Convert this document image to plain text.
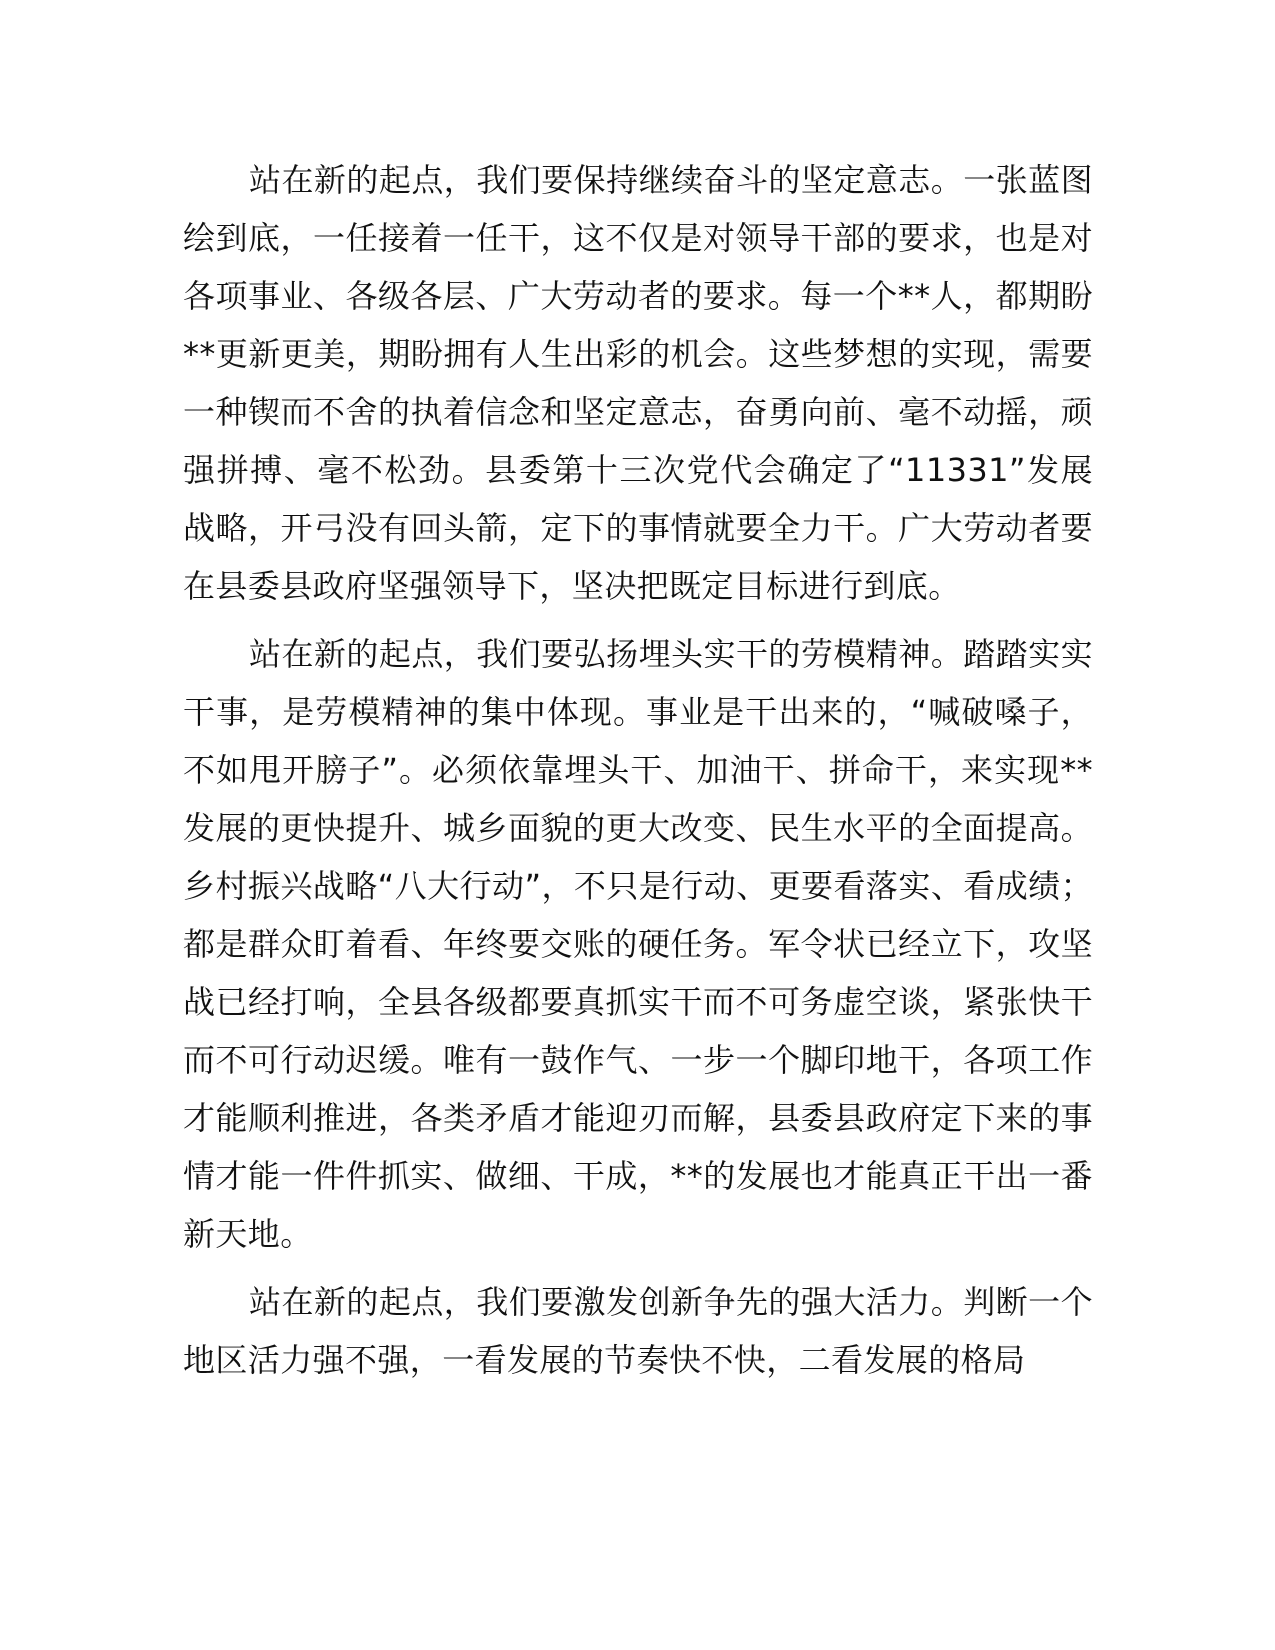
站在新的起点，我们要保持继续奋斗的坚定意志。一张蓝图绘到底，一任接着一任干，这不仅是对领导干部的要求，也是对各项事业、各级各层、广大劳动者的要求。每一个**人，都期盼**更新更美，期盼拥有人生出彩的机会。这些梦想的实现，需要一种锲而不舍的执着信念和坚定意志，奋勇向前、毫不动摇，顽强拼搏、毫不松劲。县委第十三次党代会确定了“11331”发展战略，开弓没有回头箭，定下的事情就要全力干。广大劳动者要在县委县政府坚强领导下，坚决把既定目标进行到底。

站在新的起点，我们要弘扬埋头实干的劳模精神。踏踏实实干事，是劳模精神的集中体现。事业是干出来的，“喊破嗓子，不如甩开膀子”。必须依靠埋头干、加油干、拼命干，来实现**发展的更快提升、城乡面貌的更大改变、民生水平的全面提高。乡村振兴战略“八大行动”，不只是行动、更要看落实、看成绩；都是群众盯着看、年终要交账的硬任务。军令状已经立下，攻坚战已经打响，全县各级都要真抓实干而不可务虚空谈，紧张快干而不可行动迟缓。唯有一鼓作气、一步一个脚印地干，各项工作才能顺利推进，各类矛盾才能迎刃而解，县委县政府定下来的事情才能一件件抓实、做细、干成，**的发展也才能真正干出一番新天地。

站在新的起点，我们要激发创新争先的强大活力。判断一个地区活力强不强，一看发展的节奏快不快，二看发展的格局
